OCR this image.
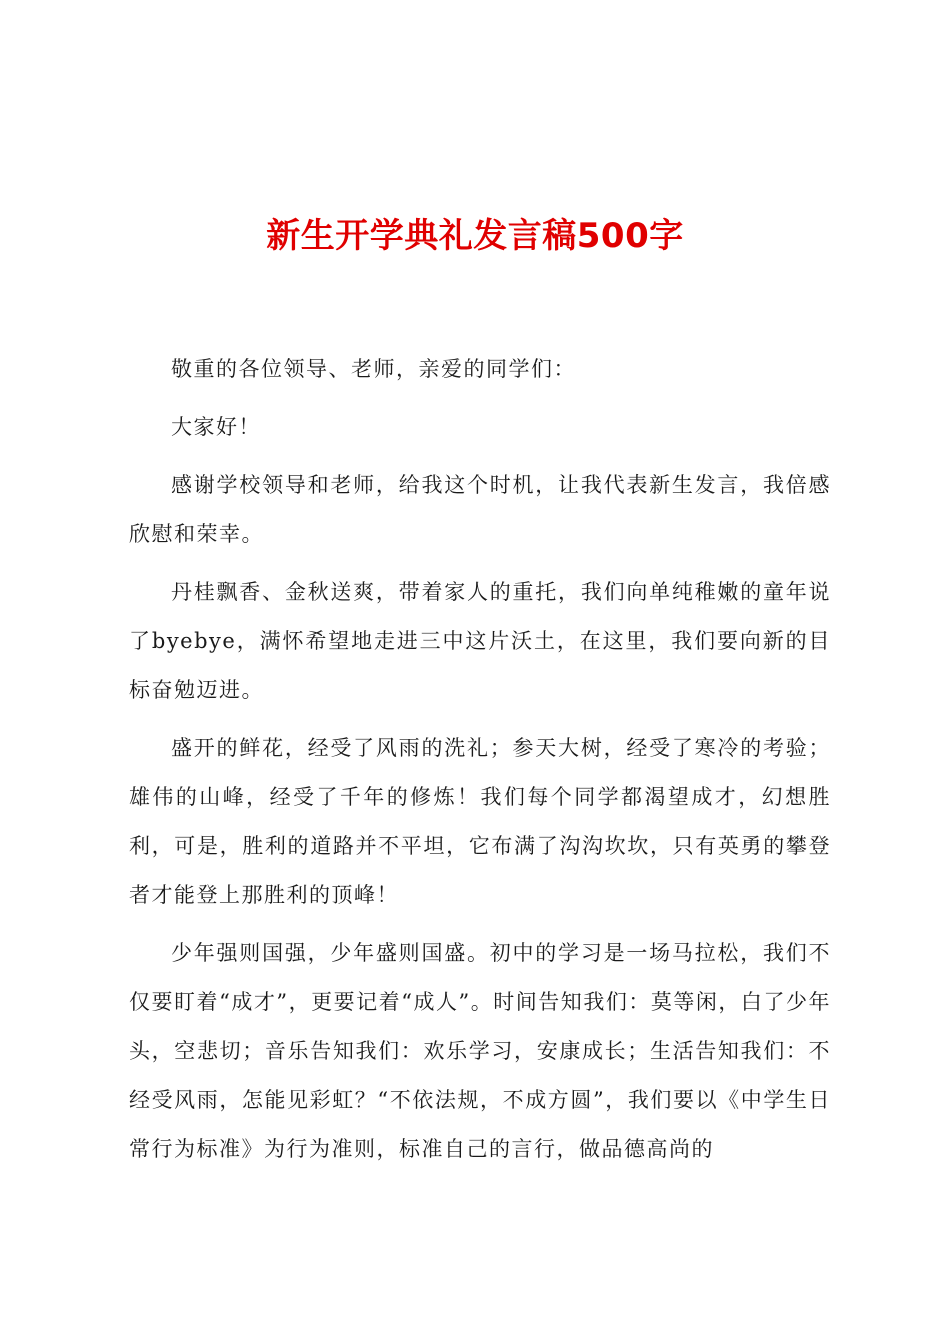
新生开学典礼发言稿500字

敬重的各位领导、老师，亲爱的同学们：

大家好！

感谢学校领导和老师，给我这个时机，让我代表新生发言，我倍感欣慰和荣幸。

丹桂飘香、金秋送爽，带着家人的重托，我们向单纯稚嫩的童年说了byebye，满怀希望地走进三中这片沃土，在这里，我们要向新的目标奋勉迈进。

盛开的鲜花，经受了风雨的洗礼；参天大树，经受了寒冷的考验；雄伟的山峰，经受了千年的修炼！我们每个同学都渴望成才，幻想胜利，可是，胜利的道路并不平坦，它布满了沟沟坎坎，只有英勇的攀登者才能登上那胜利的顶峰！

少年强则国强，少年盛则国盛。初中的学习是一场马拉松，我们不仅要盯着“成才”，更要记着“成人”。时间告知我们：莫等闲，白了少年头，空悲切；音乐告知我们：欢乐学习，安康成长；生活告知我们：不经受风雨，怎能见彩虹？“不依法规，不成方圆”，我们要以《中学生日常行为标准》为行为准则，标准自己的言行，做品德高尚的
